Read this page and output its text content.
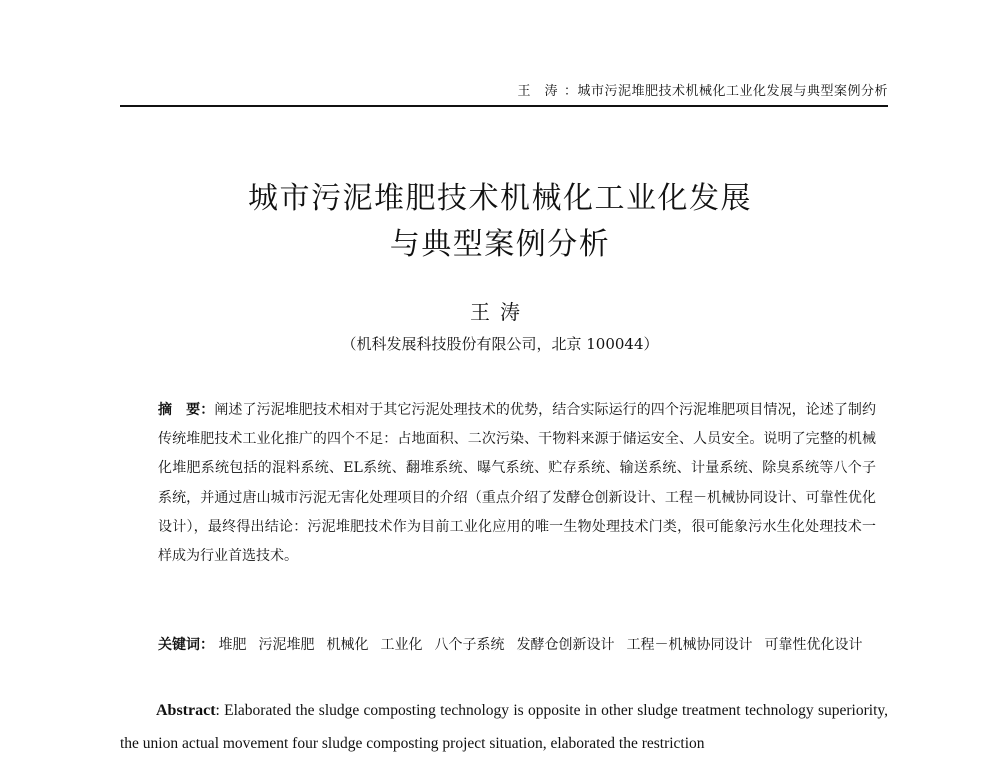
王　涛 ：城市污泥堆肥技术机械化工业化发展与典型案例分析
城市污泥堆肥技术机械化工业化发展
与典型案例分析
王涛
（机科发展科技股份有限公司，北京 100044）

摘　要：阐述了污泥堆肥技术相对于其它污泥处理技术的优势，结合实际运行的四个污泥堆肥项目情况，论述了制约传统堆肥技术工业化推广的四个不足：占地面积、二次污染、干物料来源于储运安全、人员安全。说明了完整的机械化堆肥系统包括的混料系统、EL系统、翻堆系统、曝气系统、贮存系统、输送系统、计量系统、除臭系统等八个子系统，并通过唐山城市污泥无害化处理项目的介绍（重点介绍了发酵仓创新设计、工程－机械协同设计、可靠性优化设计），最终得出结论：污泥堆肥技术作为目前工业化应用的唯一生物处理技术门类，很可能象污水生化处理技术一样成为行业首选技术。

关键词： 堆肥 污泥堆肥 机械化 工业化 八个子系统 发酵仓创新设计 工程－机械协同设计 可靠性优化设计

Abstract: Elaborated the sludge composting technology is opposite in other sludge treatment technology superiority, the union actual movement four sludge composting project situation, elaborated the restriction
